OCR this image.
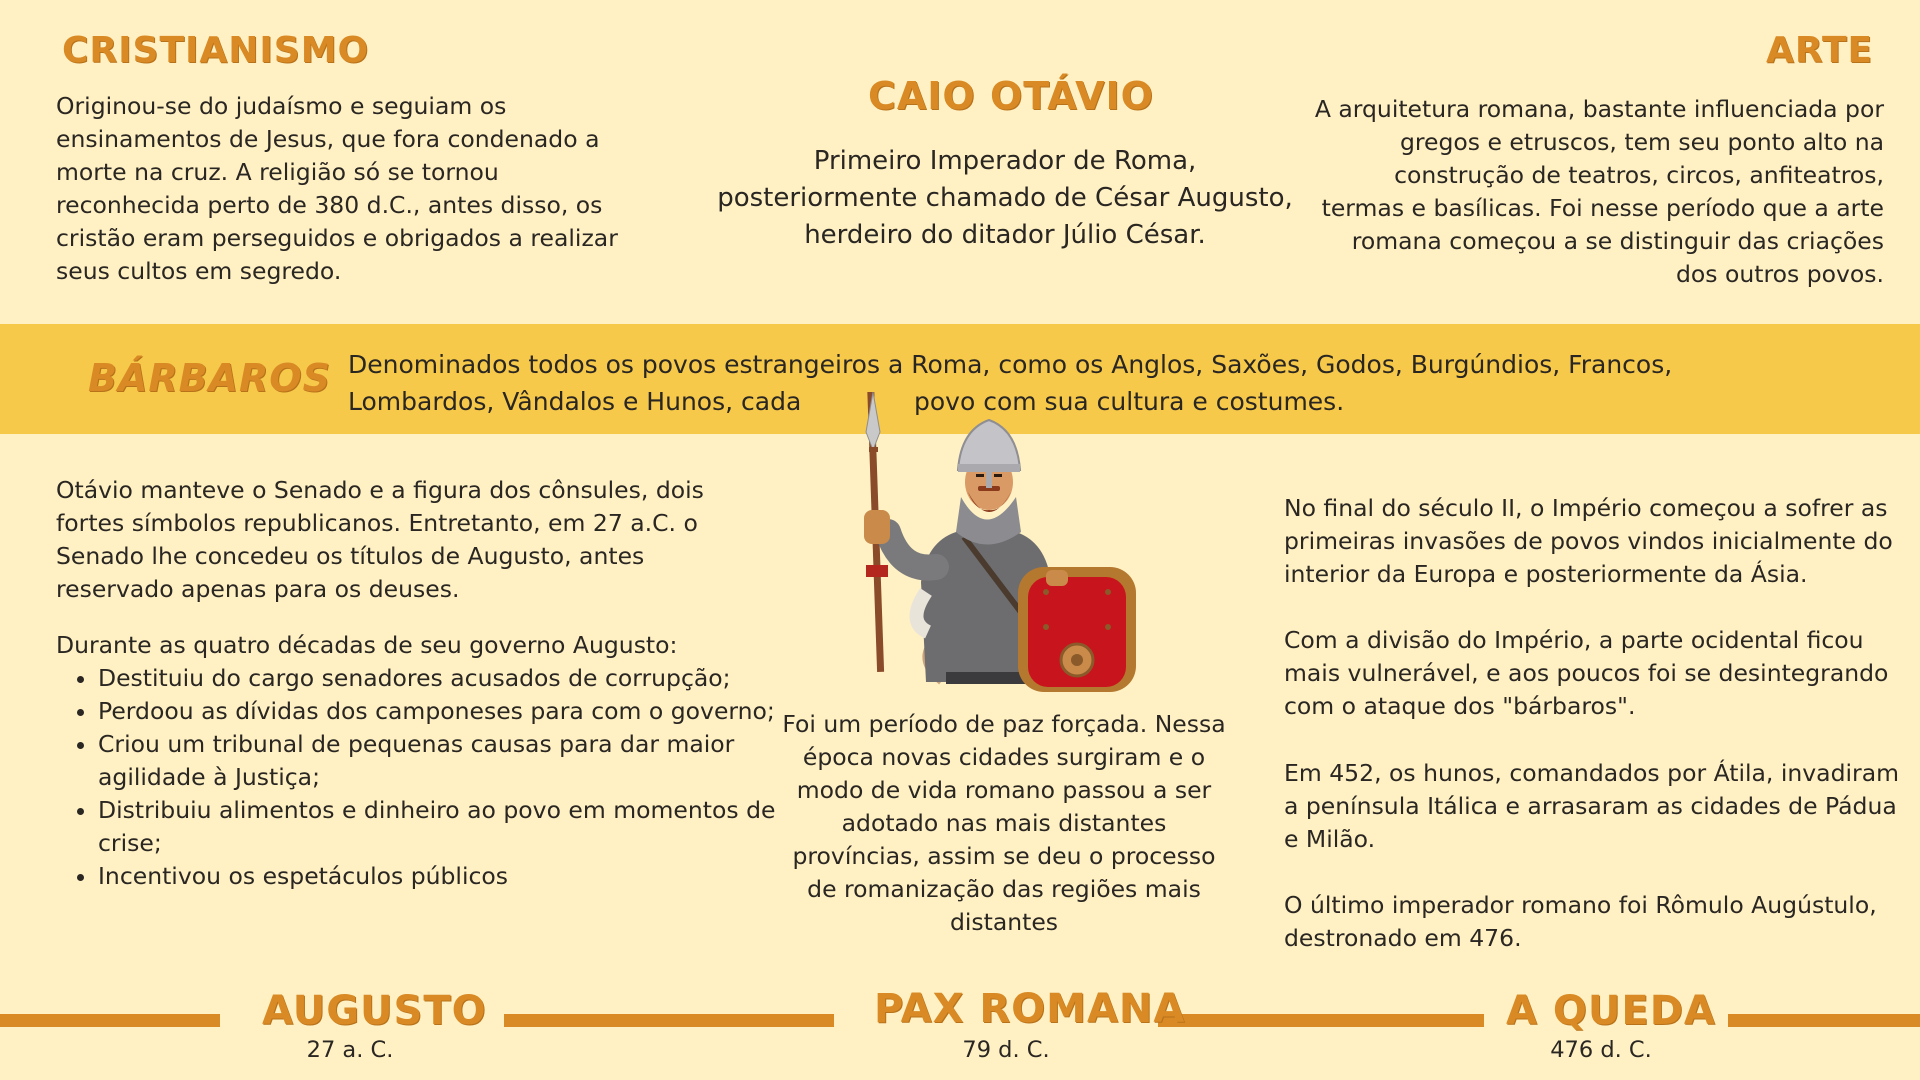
CRISTIANISMO

Originou-se do judaísmo e seguiam os ensinamentos de Jesus, que fora condenado a morte na cruz. A religião só se tornou reconhecida perto de 380 d.C., antes disso, os cristão eram perseguidos e obrigados a realizar seus cultos em segredo.

CAIO OTÁVIO

Primeiro Imperador de Roma, posteriormente chamado de César Augusto, herdeiro do ditador Júlio César.

ARTE

A arquitetura romana, bastante influenciada por gregos e etruscos, tem seu ponto alto na construção de teatros, circos, anfiteatros, termas e basílicas. Foi nesse período que a arte romana começou a se distinguir das criações dos outros povos.

BÁRBAROS Denominados todos os povos estrangeiros a Roma, como os Anglos, Saxões, Godos, Burgúndios, Francos, Lombardos, Vândalos e Hunos, cada	povo com sua cultura e costumes.

Otávio manteve o Senado e a figura dos cônsules, dois fortes símbolos republicanos. Entretanto, em 27 a.C. o Senado lhe concedeu os títulos de Augusto, antes reservado apenas para os deuses.

Durante as quatro décadas de seu governo Augusto:

• Destituiu do cargo senadores acusados de corrupção;
• Perdoou as dívidas dos camponeses para com o governo;
• Criou um tribunal de pequenas causas para dar maior agilidade à Justiça;
• Distribuiu alimentos e dinheiro ao povo em momentos de crise;
• Incentivou os espetáculos públicos

Foi um período de paz forçada. Nessa época novas cidades surgiram e o modo de vida romano passou a ser adotado nas mais distantes províncias, assim se deu o processo de romanização das regiões mais distantes

No final do século II, o Império começou a sofrer as primeiras invasões de povos vindos inicialmente do interior da Europa e posteriormente da Ásia.

Com a divisão do Império, a parte ocidental ficou mais vulnerável, e aos poucos foi se desintegrando com o ataque dos "bárbaros".

Em 452, os hunos, comandados por Átila, invadiram a península Itálica e arrasaram as cidades de Pádua e Milão.

O último imperador romano foi Rômulo Augústulo, destronado em 476.

AUGUSTO
27 a. C.
PAX ROMANA
79 d. C.
A QUEDA
476 d. C.
